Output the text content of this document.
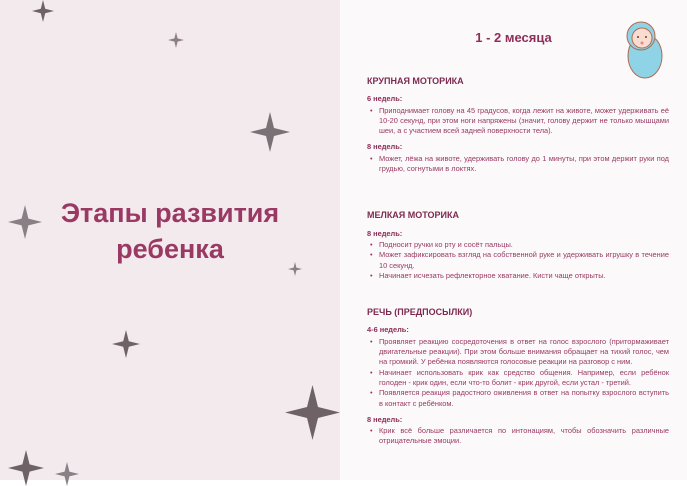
Этапы развития
ребенка
1 - 2 месяца
КРУПНАЯ МОТОРИКА
6 недель:
• Приподнимает голову на 45 градусов, когда лежит на животе, может удерживать её 10-20 секунд, при этом ноги напряжены (значит, голову держит не только мышцами шеи, а с участием всей задней поверхности тела).
8 недель:
• Может, лёжа на животе, удерживать голову до 1 минуты, при этом держит руки под грудью, согнутыми в локтях.
МЕЛКАЯ МОТОРИКА
8 недель:
• Подносит ручки ко рту и сосёт пальцы.
• Может зафиксировать взгляд на собственной руке и удерживать игрушку в течение 10 секунд.
• Начинает исчезать рефлекторное хватание. Кисти чаще открыты.
РЕЧЬ (ПРЕДПОСЫЛКИ)
4-6 недель:
• Проявляет реакцию сосредоточения в ответ на голос взрослого (притормаживает двигательные реакции). При этом больше внимания обращает на тихий голос, чем на громкий. У ребёнка появляются голосовые реакции на разговор с ним.
• Начинает использовать крик как средство общения. Например, если ребёнок голоден - крик один, если что-то болит - крик другой, если устал - третий.
• Появляется реакция радостного оживления в ответ на попытку взрослого вступить в контакт с ребёнком.
8 недель:
• Крик всё больше различается по интонациям, чтобы обозначить различные отрицательные эмоции.
